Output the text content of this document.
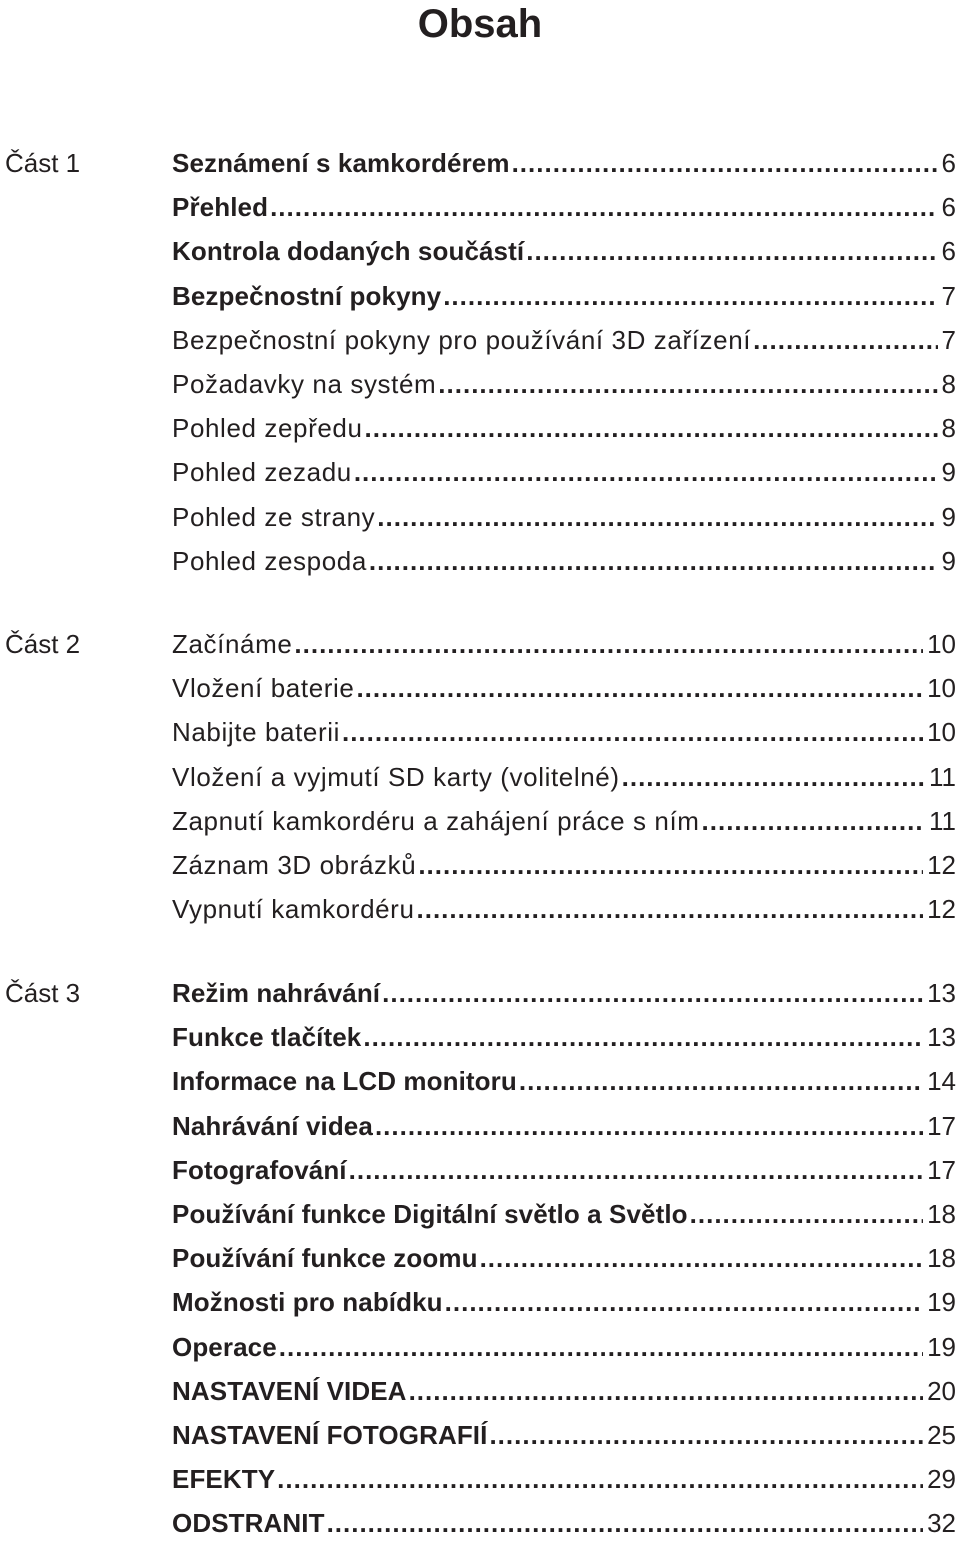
Obsah
Část 1	Seznámení s kamkordérem .....	6
Přehled .....	6
Kontrola dodaných součástí .....	6
Bezpečnostní pokyny .....	7
Bezpečnostní pokyny pro používání 3D zařízení .....	7
Požadavky na systém .....	8
Pohled zepředu .....	8
Pohled zezadu .....	9
Pohled ze strany .....	9
Pohled zespoda .....	9
Část 2	Začínáme .....	10
Vložení baterie .....	10
Nabijte baterii .....	10
Vložení a vyjmutí SD karty (volitelné) .....	11
Zapnutí kamkordéru a zahájení práce s ním .....	11
Záznam 3D obrázků .....	12
Vypnutí kamkordéru .....	12
Část 3	Režim nahrávání .....	13
Funkce tlačítek .....	13
Informace na LCD monitoru .....	14
Nahrávání videa .....	17
Fotografování .....	17
Používání funkce Digitální světlo a Světlo .....	18
Používání funkce zoomu .....	18
Možnosti pro nabídku .....	19
Operace .....	19
NASTAVENÍ VIDEA .....	20
NASTAVENÍ FOTOGRAFIÍ .....	25
EFEKTY .....	29
ODSTRANIT .....	32
